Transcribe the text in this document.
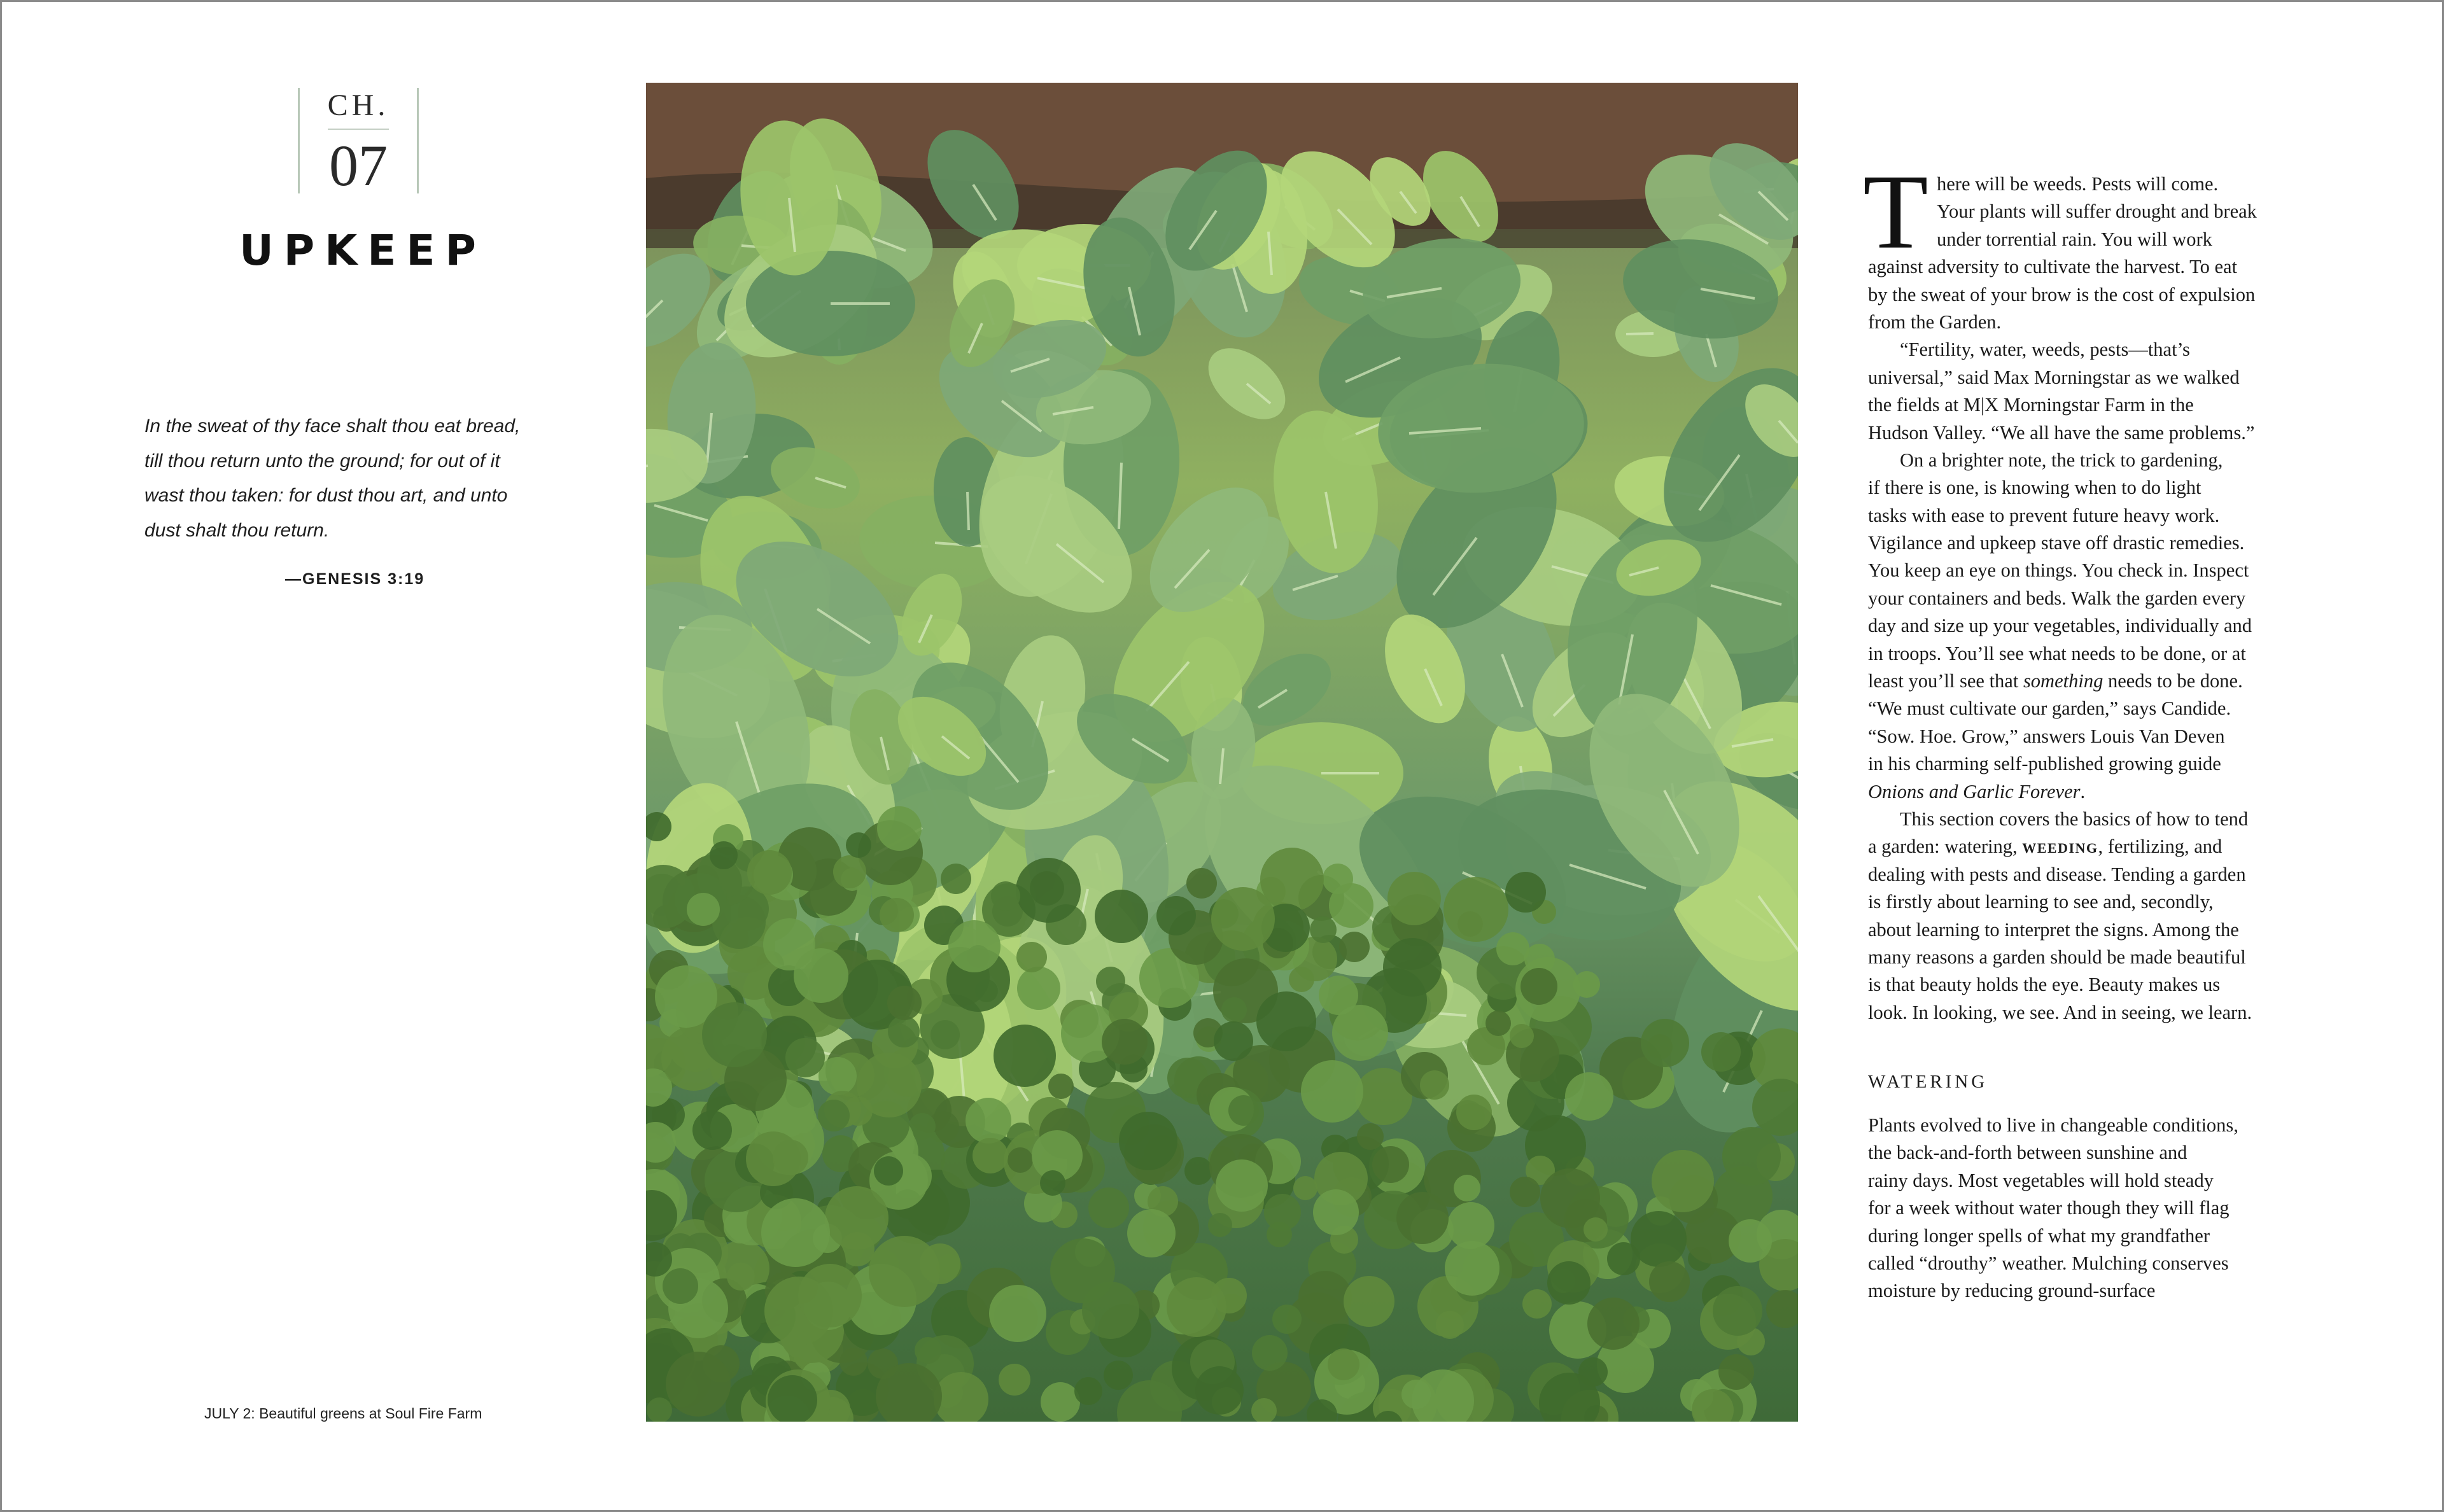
CH.
07
UPKEEP
In the sweat of thy face shalt thou eat bread,
till thou return unto the ground; for out of it
wast thou taken: for dust thou art, and unto
dust shalt thou return.
—GENESIS 3:19
JULY 2: Beautiful greens at Soul Fire Farm
T here will be weeds. Pests will come.
Your plants will suffer drought and break
under torrential rain. You will work
against adversity to cultivate the harvest. To eat
by the sweat of your brow is the cost of expulsion
from the Garden.
“Fertility, water, weeds, pests—that’s
universal,” said Max Morningstar as we walked
the fields at M|X Morningstar Farm in the
Hudson Valley. “We all have the same problems.”
On a brighter note, the trick to gardening,
if there is one, is knowing when to do light
tasks with ease to prevent future heavy work.
Vigilance and upkeep stave off drastic remedies.
You keep an eye on things. You check in. Inspect
your containers and beds. Walk the garden every
day and size up your vegetables, individually and
in troops. You’ll see what needs to be done, or at
least you’ll see that something needs to be done.
“We must cultivate our garden,” says Candide.
“Sow. Hoe. Grow,” answers Louis Van Deven
in his charming self-published growing guide
Onions and Garlic Forever.
This section covers the basics of how to tend
a garden: watering, WEEDING, fertilizing, and
dealing with pests and disease. Tending a garden
is firstly about learning to see and, secondly,
about learning to interpret the signs. Among the
many reasons a garden should be made beautiful
is that beauty holds the eye. Beauty makes us
look. In looking, we see. And in seeing, we learn.
WATERING
Plants evolved to live in changeable conditions,
the back-and-forth between sunshine and
rainy days. Most vegetables will hold steady
for a week without water though they will flag
during longer spells of what my grandfather
called “drouthy” weather. Mulching conserves
moisture by reducing ground-surface
